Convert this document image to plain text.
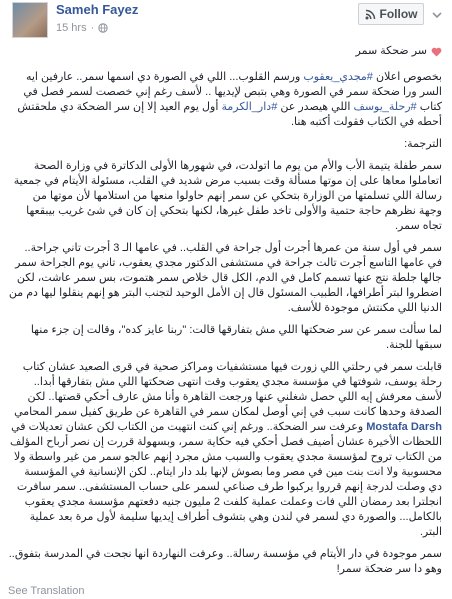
Sameh Fayez
15 hrs ·
Follow
سر ضحكة سمر

بخصوص اعلان #مجدي_يعقوب ورسم القلوب... اللي في الصورة دي اسمها سمر.. عارفين ايه السر ورا ضحكة سمر في الصورة وهي بتبص لإيديها .. لأسف رغم إني خصصت لسمر فصل في كتاب #رحلة_يوسف اللي هيصدر عن #دار_الكرمة أول يوم العيد إلا إن سر الضحكة دي ملحقتش أحطه في الكتاب فقولت أكتبه هنا.

الترجمة:

سمر طفلة يتيمة الأب والأم من يوم ما اتولدت، في شهورها الأولى الدكاترة في وزارة الصحة اتعاملوا معاها على إن موتها مسألة وقت بسبب مرض شديد في القلب، مسئولة الأيتام في جمعية رسالة اللي تسلمتها من الوزارة بتحكي عن سمر إنهم حاولوا منعها من استلامها لأن موتها من وجهة نظرهم حاجة حتمية والأولى تاخد طفل غيرها، لكنها بتحكي إن كان في شئ غريب بيبقعها تجاه سمر.

سمر في أول سنة من عمرها أجرت أول جراحة في القلب.. في عامها الـ 3 أجرت تاني جراحة.. في عامها التاسع أجرت تالت جراحة في مستشفى الدكتور مجدي يعقوب، تاني يوم الجراحة سمر جالها جلطة نتج عنها تسمم كامل في الدم، الكل قال خلاص سمر هتموت، بس سمر عاشت، لكن اضطروا لبتر أطرافها، الطبيب المسئول قال إن الأمل الوحيد لتجنب البتر هو إنهم ينقلوا ليها دم من الدنيا اللي مكنتش موجودة للأسف.

لما سألت سمر عن سر ضحكتها اللي مش بتفارقها قالت: "ربنا عايز كده"، وقالت إن جزء منها سبقها للجنة.

قابلت سمر في رحلتي اللي زورت فيها مستشفيات ومراكز صحية في قرى الصعيد عشان كتاب رحلة يوسف، شوفتها في مؤسسة مجدي يعقوب وقت انتهى ضحكتها اللي مش بتفارقها أبدا.. لأسف معرفش إيه اللي حصل شغلني عنها ورجعت القاهرة وأنا مش عارف أحكي قصتها.. لكن الصدفة وحدها كانت سبب في إني أوصل لمكان سمر في القاهرة عن طريق كفيل سمر المحامي Mostafa Darsh وعرفت سر الضحكة.. ورغم إني كنت انتهيت من الكتاب لكن عشان تعديلات في اللحظات الأخيرة عشان أضيف فصل أحكي فيه حكاية سمر، وبسهولة قررت إن نصر أرباح المؤلف من الكتاب تروح لمؤسسة مجدي يعقوب والسبب مش مجرد إنهم عالجو سمر من غير واسطة ولا محسوبية ولا انت بنت مين في مصر وما بصوش لإنها بلد دار ايتام.. لكن الإنسانية في المؤسسة دي وصلت لدرجة إنهم قرروا يركبوا طرف صناعي لسمر على حساب المستشفى.. سمر سافرت انجلترا بعد رمضان اللي فات وعملت عملية كلفت 2 مليون جنيه دفعتهم مؤسسة مجدي يعقوب بالكامل... والصورة دي لسمر في لندن وهي بتشوف أطراف إيديها سليمة لأول مرة بعد عملية البتر.

سمر موجودة في دار الأيتام في مؤسسة رسالة.. وعرفت النهاردة انها نجحت في المدرسة بتفوق.. وهو دا سر ضحكة سمر!

See Translation
